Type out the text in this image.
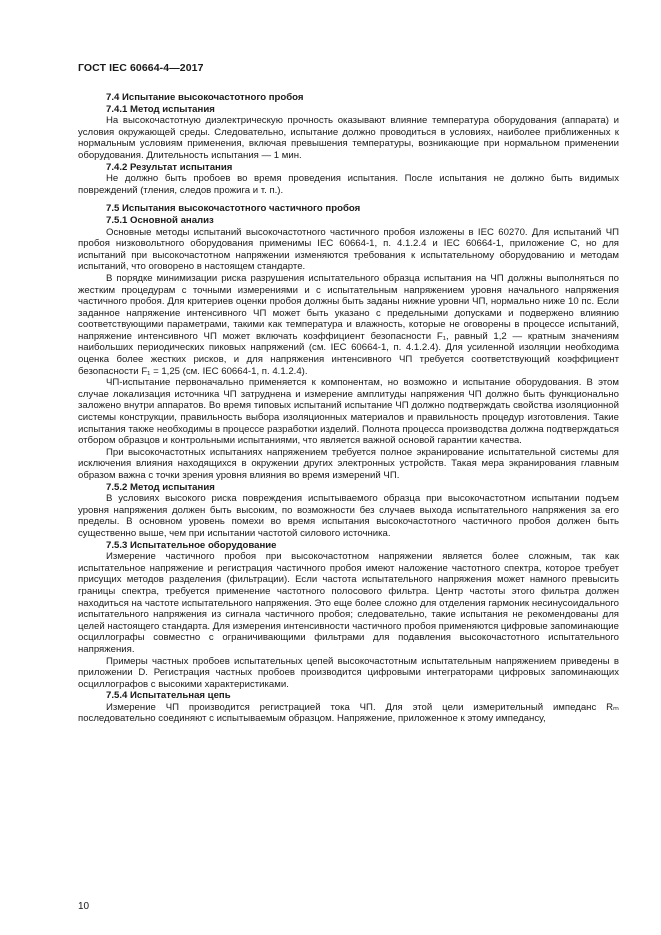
ГОСТ IEC 60664-4—2017
7.4 Испытание высокочастотного пробоя
7.4.1 Метод испытания
На высокочастотную диэлектрическую прочность оказывают влияние температура оборудования (аппарата) и условия окружающей среды. Следовательно, испытание должно проводиться в условиях, наиболее приближенных к нормальным условиям применения, включая превышения температуры, возникающие при нормальном применении оборудования. Длительность испытания — 1 мин.
7.4.2 Результат испытания
Не должно быть пробоев во время проведения испытания. После испытания не должно быть видимых повреждений (тления, следов прожига и т. п.).
7.5 Испытания высокочастотного частичного пробоя
7.5.1 Основной анализ
Основные методы испытаний высокочастотного частичного пробоя изложены в IEC 60270. Для испытаний ЧП пробоя низковольтного оборудования применимы IEC 60664-1, п. 4.1.2.4 и IEC 60664-1, приложение C, но для испытаний при высокочастотном напряжении изменяются требования к испытательному оборудованию и методам испытаний, что оговорено в настоящем стандарте.
В порядке минимизации риска разрушения испытательного образца испытания на ЧП должны выполняться по жестким процедурам с точными измерениями и с испытательным напряжением уровня начального напряжения частичного пробоя. Для критериев оценки пробоя должны быть заданы нижние уровни ЧП, нормально ниже 10 пс. Если заданное напряжение интенсивного ЧП может быть указано с предельными допусками и подвержено влиянию соответствующими параметрами, такими как температура и влажность, которые не оговорены в процессе испытаний, напряжение интенсивного ЧП может включать коэффициент безопасности F₁, равный 1,2 — кратным значениям наибольших периодических пиковых напряжений (см. IEC 60664-1, п. 4.1.2.4). Для усиленной изоляции необходима оценка более жестких рисков, и для напряжения интенсивного ЧП требуется соответствующий коэффициент безопасности F₁ = 1,25 (см. IEC 60664-1, п. 4.1.2.4).
ЧП-испытание первоначально применяется к компонентам, но возможно и испытание оборудования. В этом случае локализация источника ЧП затруднена и измерение амплитуды напряжения ЧП должно быть функционально заложено внутри аппаратов. Во время типовых испытаний испытание ЧП должно подтверждать свойства изоляционной системы конструкции, правильность выбора изоляционных материалов и правильность процедур изготовления. Такие испытания также необходимы в процессе разработки изделий. Полнота процесса производства должна подтверждаться отбором образцов и контрольными испытаниями, что является важной основой гарантии качества.
При высокочастотных испытаниях напряжением требуется полное экранирование испытательной системы для исключения влияния находящихся в окружении других электронных устройств. Такая мера экранирования главным образом важна с точки зрения уровня влияния во время измерений ЧП.
7.5.2 Метод испытания
В условиях высокого риска повреждения испытываемого образца при высокочастотном испытании подъем уровня напряжения должен быть высоким, по возможности без случаев выхода испытательного напряжения за его пределы. В основном уровень помехи во время испытания высокочастотного частичного пробоя должен быть существенно выше, чем при испытании частотой силового источника.
7.5.3 Испытательное оборудование
Измерение частичного пробоя при высокочастотном напряжении является более сложным, так как испытательное напряжение и регистрация частичного пробоя имеют наложение частотного спектра, которое требует присущих методов разделения (фильтрации). Если частота испытательного напряжения может намного превысить границы спектра, требуется применение частотного полосового фильтра. Центр частоты этого фильтра должен находиться на частоте испытательного напряжения. Это еще более сложно для отделения гармоник несинусоидального испытательного напряжения из сигнала частичного пробоя; следовательно, такие испытания не рекомендованы для целей настоящего стандарта. Для измерения интенсивности частичного пробоя применяются цифровые запоминающие осциллографы совместно с ограничивающими фильтрами для подавления высокочастотного испытательного напряжения.
Примеры частных пробоев испытательных цепей высокочастотным испытательным напряжением приведены в приложении D. Регистрация частных пробоев производится цифровыми интеграторами цифровых запоминающих осциллографов с высокими характеристиками.
7.5.4 Испытательная цепь
Измерение ЧП производится регистрацией тока ЧП. Для этой цели измерительный импеданс Rₘ последовательно соединяют с испытываемым образцом. Напряжение, приложенное к этому импедансу,
10
